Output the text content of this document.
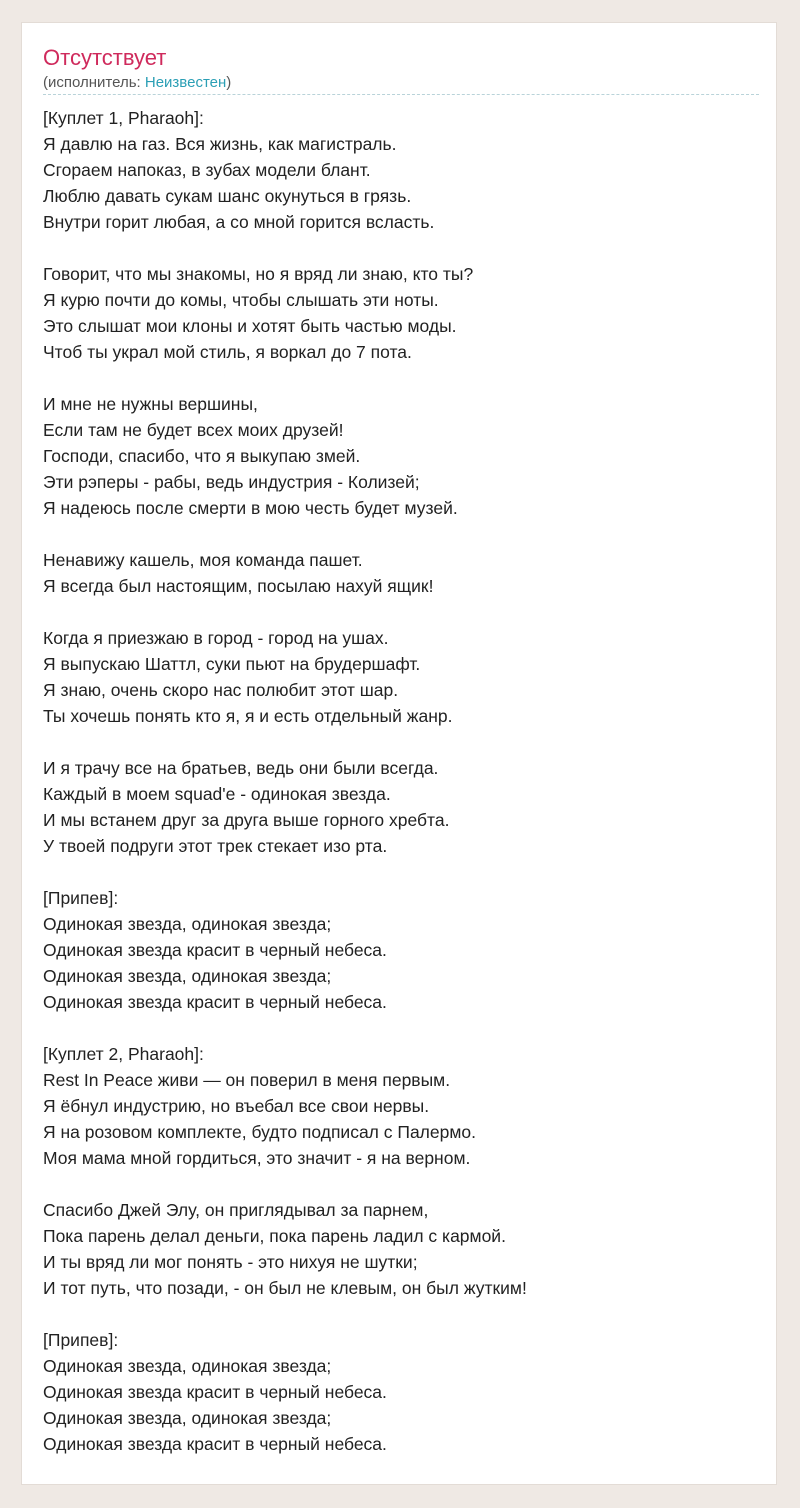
Отсутствует

(исполнитель: Неизвестен)

[Куплет 1, Pharaoh]:
Я давлю на газ. Вся жизнь, как магистраль.
Сгораем напоказ, в зубах модели блант.
Люблю давать сукам шанс окунуться в грязь.
Внутри горит любая, а со мной горится всласть.
Говорит, что мы знакомы, но я вряд ли знаю, кто ты?
Я курю почти до комы, чтобы слышать эти ноты.
Это слышат мои клоны и хотят быть частью моды.
Чтоб ты украл мой стиль, я воркал до 7 пота.
И мне не нужны вершины,
Если там не будет всех моих друзей!
Господи, спасибо, что я выкупаю змей.
Эти рэперы - рабы, ведь индустрия - Колизей;
Я надеюсь после смерти в мою честь будет музей.
Ненавижу кашель, моя команда пашет.
Я всегда был настоящим, посылаю нахуй ящик!
Когда я приезжаю в город - город на ушах.
Я выпускаю Шаттл, суки пьют на брудершафт.
Я знаю, очень скоро нас полюбит этот шар.
Ты хочешь понять кто я, я и есть отдельный жанр.
И я трачу все на братьев, ведь они были всегда.
Каждый в моем squad'e - одинокая звезда.
И мы встанем друг за друга выше горного хребта.
У твоей подруги этот трек стекает изо рта.
[Припев]:
Одинокая звезда, одинокая звезда;
Одинокая звезда красит в черный небеса.
Одинокая звезда, одинокая звезда;
Одинокая звезда красит в черный небеса.
[Куплет 2, Pharaoh]:
Rest In Peace живи — он поверил в меня первым.
Я ёбнул индустрию, но въебал все свои нервы.
Я на розовом комплекте, будто подписал с Палермо.
Моя мама мной гордиться, это значит - я на верном.
Спасибо Джей Элу, он приглядывал за парнем,
Пока парень делал деньги, пока парень ладил с кармой.
И ты вряд ли мог понять - это нихуя не шутки;
И тот путь, что позади, - он был не клевым, он был жутким!
[Припев]:
Одинокая звезда, одинокая звезда;
Одинокая звезда красит в черный небеса.
Одинокая звезда, одинокая звезда;
Одинокая звезда красит в черный небеса.
